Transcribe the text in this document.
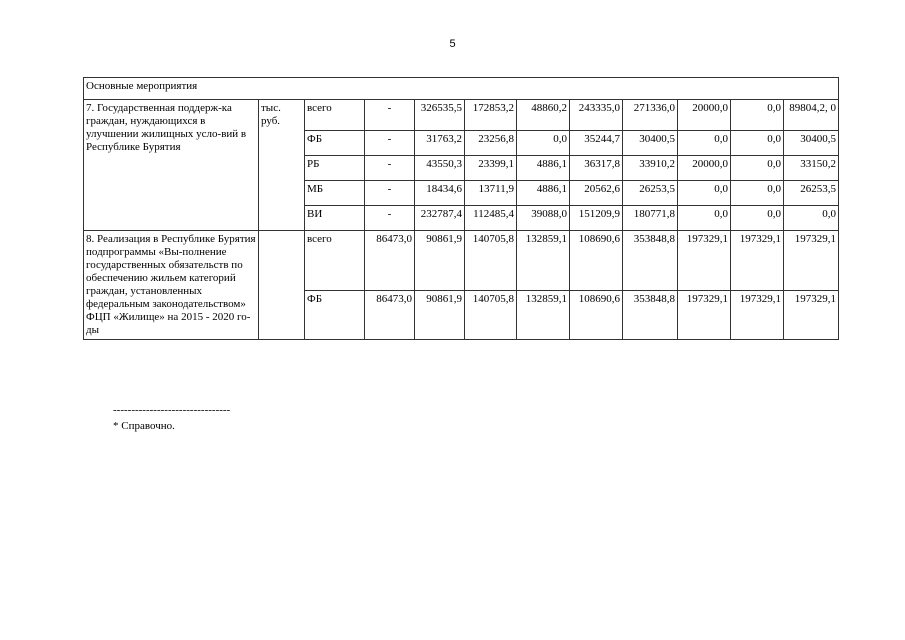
5
Основные мероприятия											
7. Государственная поддерж-ка граждан, нуждающихся в улучшении жилищных усло-вий в Республике Бурятия	тыс. руб.	всего	-	326535,5	172853,2	48860,2	243335,0	271336,0	20000,0	0,0	89804,2, 0
		ФБ	-	31763,2	23256,8	0,0	35244,7	30400,5	0,0	0,0	30400,5
		РБ	-	43550,3	23399,1	4886,1	36317,8	33910,2	20000,0	0,0	33150,2
		МБ	-	18434,6	13711,9	4886,1	20562,6	26253,5	0,0	0,0	26253,5
		ВИ	-	232787,4	112485,4	39088,0	151209,9	180771,8	0,0	0,0	0,0
8. Реализация в Республике Бурятия подпрограммы «Вы-полнение государственных обязательств по обеспечению жильем категорий граждан, установленных федеральным законодательством» ФЦП «Жилище» на 2015 - 2020 го-ды		всего	86473,0	90861,9	140705,8	132859,1	108690,6	353848,8	197329,1	197329,1	197329,1
		ФБ	86473,0	90861,9	140705,8	132859,1	108690,6	353848,8	197329,1	197329,1	197329,1
--------------------------------
* Справочно.
